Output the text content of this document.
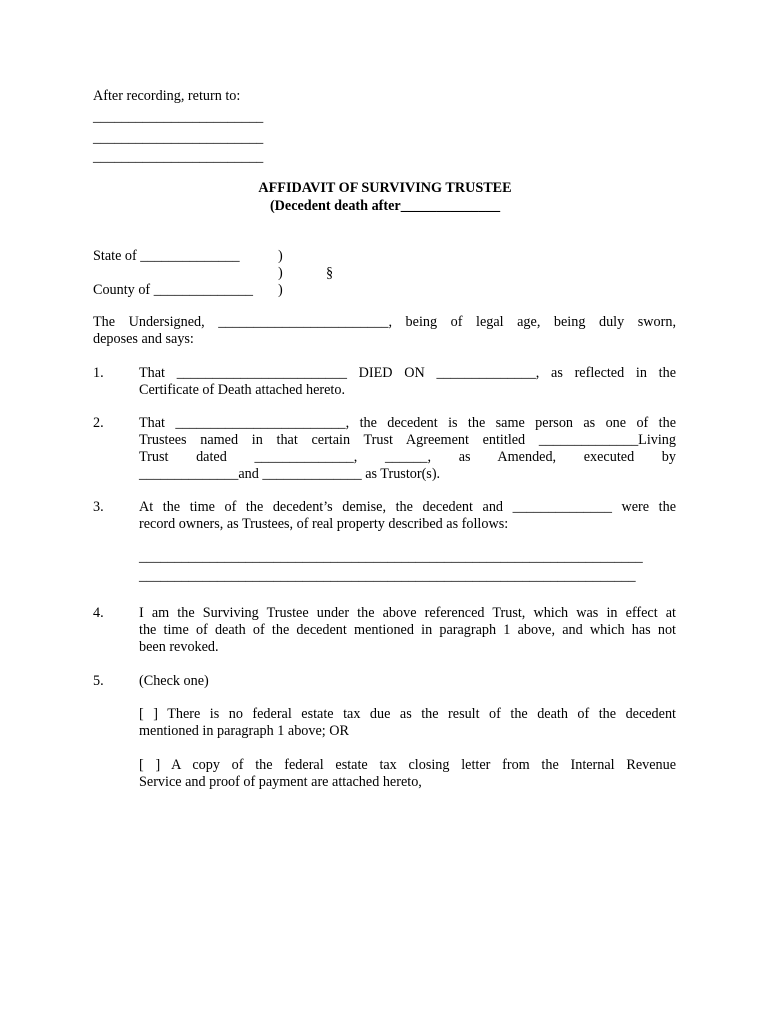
After recording, return to:
________________________
________________________
________________________
AFFIDAVIT OF SURVIVING TRUSTEE
(Decedent death after______________
State of ______________	)
)	§
County of ______________ )
The Undersigned, ________________________, being of legal age, being duly sworn,
deposes and says:
1. That ________________________ DIED ON ______________, as reflected in the
Certificate of Death attached hereto.
2. That ________________________, the decedent is the same person as one of the
Trustees named in that certain Trust Agreement entitled ______________Living
Trust dated ______________, ______, as Amended, executed by
______________and ______________ as Trustor(s).
3. At the time of the decedent’s demise, the decedent and ______________ were the
record owners, as Trustees, of real property described as follows:
_______________________________________________________________________
______________________________________________________________________
4. I am the Surviving Trustee under the above referenced Trust, which was in effect at
the time of death of the decedent mentioned in paragraph 1 above, and which has not
been revoked.
5. (Check one)
[ ] There is no federal estate tax due as the result of the death of the decedent
mentioned in paragraph 1 above; OR
[ ] A copy of the federal estate tax closing letter from the Internal Revenue
Service and proof of payment are attached hereto,
